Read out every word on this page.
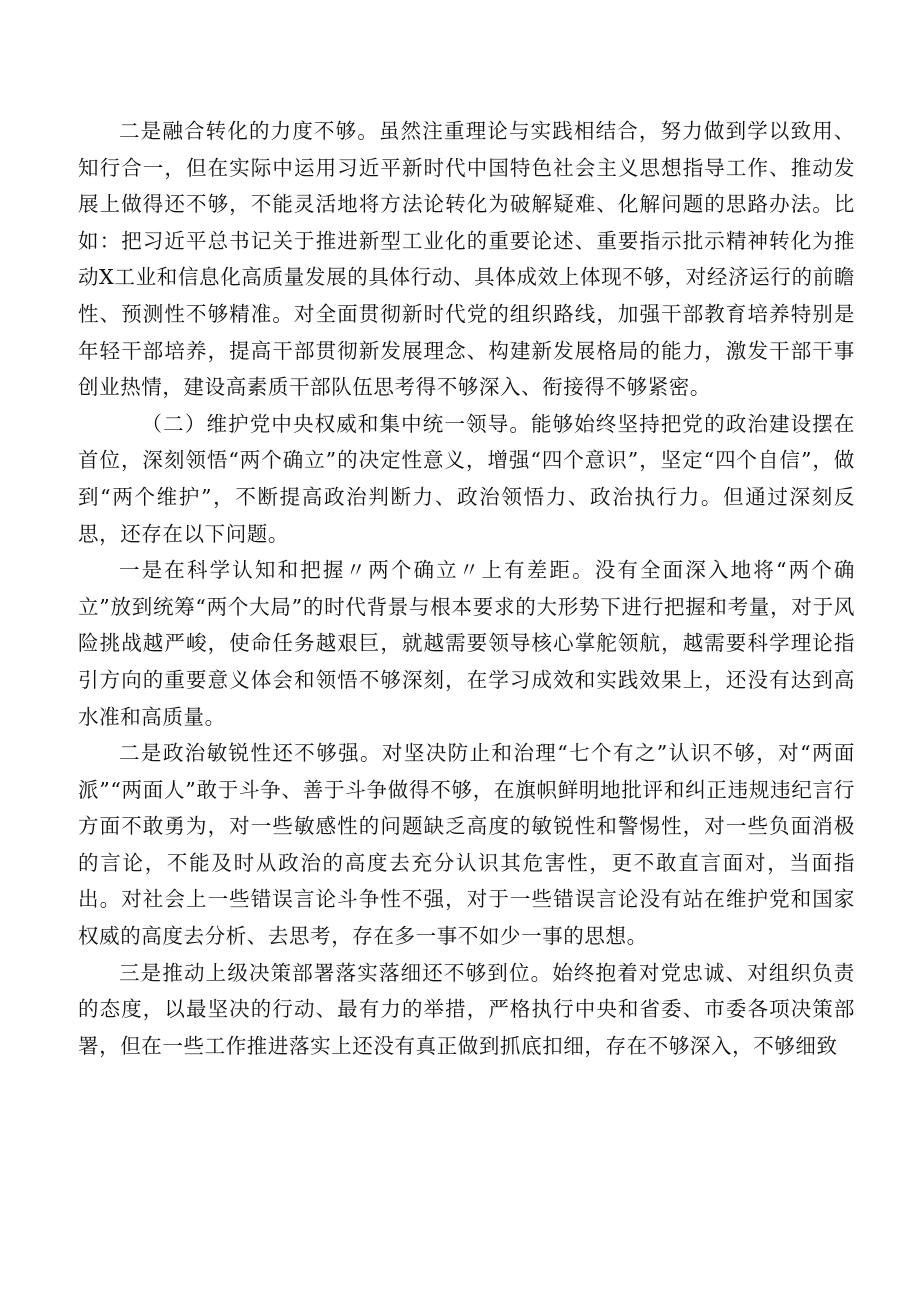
二是融合转化的力度不够。虽然注重理论与实践相结合，努力做到学以致用、知行合一，但在实际中运用习近平新时代中国特色社会主义思想指导工作、推动发展上做得还不够，不能灵活地将方法论转化为破解疑难、化解问题的思路办法。比如：把习近平总书记关于推进新型工业化的重要论述、重要指示批示精神转化为推动X工业和信息化高质量发展的具体行动、具体成效上体现不够，对经济运行的前瞻性、预测性不够精准。对全面贯彻新时代党的组织路线，加强干部教育培养特别是年轻干部培养，提高干部贯彻新发展理念、构建新发展格局的能力，激发干部干事创业热情，建设高素质干部队伍思考得不够深入、衔接得不够紧密。

（二）维护党中央权威和集中统一领导。能够始终坚持把党的政治建设摆在首位，深刻领悟“两个确立”的决定性意义，增强“四个意识”，坚定“四个自信”，做到“两个维护”，不断提高政治判断力、政治领悟力、政治执行力。但通过深刻反思，还存在以下问题。

一是在科学认知和把握〃两个确立〃上有差距。没有全面深入地将“两个确立”放到统筹“两个大局”的时代背景与根本要求的大形势下进行把握和考量，对于风险挑战越严峻，使命任务越艰巨，就越需要领导核心掌舵领航，越需要科学理论指引方向的重要意义体会和领悟不够深刻，在学习成效和实践效果上，还没有达到高水准和高质量。

二是政治敏锐性还不够强。对坚决防止和治理“七个有之”认识不够，对“两面派”“两面人”敢于斗争、善于斗争做得不够，在旗帜鲜明地批评和纠正违规违纪言行方面不敢勇为，对一些敏感性的问题缺乏高度的敏锐性和警惕性，对一些负面消极的言论，不能及时从政治的高度去充分认识其危害性，更不敢直言面对，当面指出。对社会上一些错误言论斗争性不强，对于一些错误言论没有站在维护党和国家权威的高度去分析、去思考，存在多一事不如少一事的思想。

三是推动上级决策部署落实落细还不够到位。始终抱着对党忠诚、对组织负责的态度，以最坚决的行动、最有力的举措，严格执行中央和省委、市委各项决策部署，但在一些工作推进落实上还没有真正做到抓底扣细，存在不够深入，不够细致
